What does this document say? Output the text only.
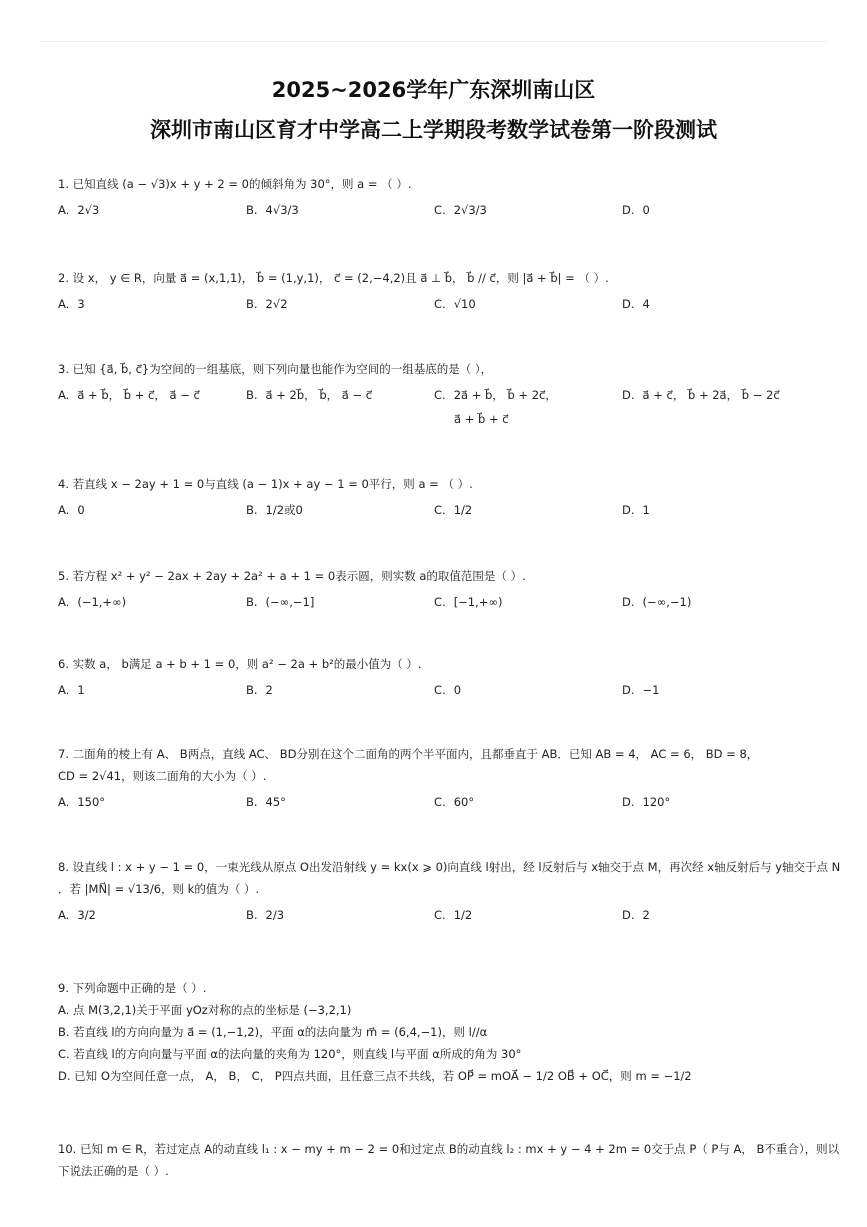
2025~2026学年广东深圳南山区
深圳市南山区育才中学高二上学期段考数学试卷第一阶段测试
1. 已知直线 (a − √3)x + y + 2 = 0的倾斜角为 30°，则 a = （ ）.
A. 2√3	B. 4√3/3	C. 2√3/3	D. 0
2. 设 x， y ∈ R，向量 a⃗ = (x,1,1)， b⃗ = (1,y,1)， c⃗ = (2,−4,2)且 a⃗ ⊥ b⃗， b⃗ // c⃗，则 |a⃗ + b⃗| = （ ）.
A. 3	B. 2√2	C. √10	D. 4
3. 已知 {a⃗, b⃗, c⃗}为空间的一组基底，则下列向量也能作为空间的一组基底的是（ ），
A. a⃗ + b⃗， b⃗ + c⃗， a⃗ − c⃗	B. a⃗ + 2b⃗， b⃗， a⃗ − c⃗	C. 2a⃗ + b⃗， b⃗ + 2c⃗，	D. a⃗ + c⃗， b⃗ + 2a⃗， b⃗ − 2c⃗
a⃗ + b⃗ + c⃗
4. 若直线 x − 2ay + 1 = 0与直线 (a − 1)x + ay − 1 = 0平行，则 a = （ ）.
A. 0	B. 1/2或0	C. 1/2	D. 1
5. 若方程 x² + y² − 2ax + 2ay + 2a² + a + 1 = 0表示圆，则实数 a的取值范围是（ ）.
A. (−1,+∞)	B. (−∞,−1]	C. [−1,+∞)	D. (−∞,−1)
6. 实数 a， b满足 a + b + 1 = 0，则 a² − 2a + b²的最小值为（ ）.
A. 1	B. 2	C. 0	D. −1
7. 二面角的棱上有 A、 B两点，直线 AC、 BD分别在这个二面角的两个半平面内，且都垂直于 AB．已知 AB = 4， AC = 6， BD = 8，
CD = 2√41，则该二面角的大小为（ ）.
A. 150°	B. 45°	C. 60°	D. 120°
8. 设直线 l : x + y − 1 = 0，一束光线从原点 O出发沿射线 y = kx(x ⩾ 0)向直线 l射出，经 l反射后与 x轴交于点 M，再次经 x轴反射后与 y轴交于点 N
．若 |MN⃗| = √13/6，则 k的值为（ ）.
A. 3/2	B. 2/3	C. 1/2	D. 2
9. 下列命题中正确的是（ ）.
A. 点 M(3,2,1)关于平面 yOz对称的点的坐标是 (−3,2,1)
B. 若直线 l的方向向量为 a⃗ = (1,−1,2)，平面 α的法向量为 m⃗ = (6,4,−1)，则 l//α
C. 若直线 l的方向向量与平面 α的法向量的夹角为 120°，则直线 l与平面 α所成的角为 30°
D. 已知 O为空间任意一点， A， B， C， P四点共面，且任意三点不共线，若 OP⃗ = mOA⃗ − 1/2 OB⃗ + OC⃗，则 m = −1/2
10. 已知 m ∈ R，若过定点 A的动直线 l₁ : x − my + m − 2 = 0和过定点 B的动直线 l₂ : mx + y − 4 + 2m = 0交于点 P（ P与 A， B不重合），则以
下说法正确的是（ ）.
